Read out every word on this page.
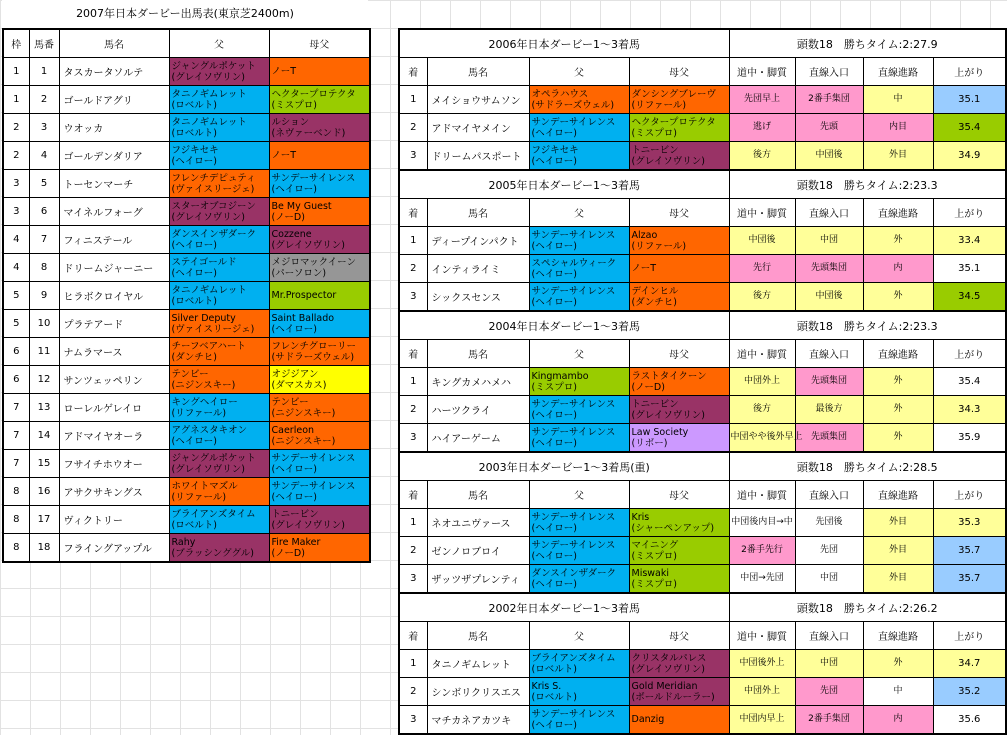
2007年日本ダービー出馬表(東京芝2400m)
枠	馬番	馬名	父	母父
1	1	タスカータソルテ	ジャングルポケット
(グレイソヴリン)	ノーT

1	2	ゴールドアグリ	タニノギムレット
(ロベルト)	ヘクタープロテクタ
(ミスプロ)

2	3	ウオッカ	タニノギムレット
(ロベルト)	ルション
(ネヴァーベンド)

2	4	ゴールデンダリア	フジキセキ
(ヘイロー)	ノーT

3	5	トーセンマーチ	フレンチデピュティ
(ヴァイスリージェ)	サンデーサイレンス
(ヘイロー)

3	6	マイネルフォーグ	スターオブコジーン
(グレイソヴリン)	Be My Guest
(ノーD)

4	7	フィニステール	ダンスインザダーク
(ヘイロー)	Cozzene
(グレイソヴリン)

4	8	ドリームジャーニー	ステイゴールド
(ヘイロー)	メジロマックイーン
(パーソロン)

5	9	ヒラボクロイヤル	タニノギムレット
(ロベルト)	Mr.Prospector

5	10	プラテアード	Silver Deputy
(ヴァイスリージェ)	Saint Ballado
(ヘイロー)

6	11	ナムラマース	チーフベアハート
(ダンチヒ)	フレンチグローリー
(サドラーズウェル)

6	12	サンツェッペリン	テンビー
(ニジンスキー)	オジジアン
(ダマスカス)

7	13	ローレルゲレイロ	キングヘイロー
(リファール)	テンビー
(ニジンスキー)

7	14	アドマイヤオーラ	アグネスタキオン
(ヘイロー)	Caerleon
(ニジンスキー)

7	15	フサイチホウオー	ジャングルポケット
(グレイソヴリン)	サンデーサイレンス
(ヘイロー)

8	16	アサクサキングス	ホワイトマズル
(リファール)	サンデーサイレンス
(ヘイロー)

8	17	ヴィクトリー	ブライアンズタイム
(ロベルト)	トニービン
(グレイソヴリン)

8	18	フライングアップル	Rahy
(ブラッシンググル)	Fire Maker
(ノーD)
2006年日本ダービー1〜3着馬				頭数18　勝ちタイム:2:27.9			
着	馬名	父	母父	道中・脚質	直線入口	直線進路	上がり
1	メイショウサムソン	オペラハウス
(サドラーズウェル)	ダンシングブレーヴ
(リファール)	先団早上	2番手集団	中	35.1
2	アドマイヤメイン	サンデーサイレンス
(ヘイロー)	ヘクタープロテクタ
(ミスプロ)	逃げ	先頭	内目	35.4
3	ドリームパスポート	フジキセキ
(ヘイロー)	トニービン
(グレイソヴリン)	後方	中団後	外目	34.9
2005年日本ダービー1〜3着馬				頭数18　勝ちタイム:2:23.3			
着	馬名	父	母父	道中・脚質	直線入口	直線進路	上がり
1	ディープインパクト	サンデーサイレンス
(ヘイロー)	Alzao
(リファール)	中団後	中団	外	33.4
2	インティライミ	スペシャルウィーク
(ヘイロー)	ノーT	先行	先頭集団	内	35.1
3	シックスセンス	サンデーサイレンス
(ヘイロー)	デインヒル
(ダンチヒ)	後方	中団後	外	34.5
2004年日本ダービー1〜3着馬				頭数18　勝ちタイム:2:23.3			
着	馬名	父	母父	道中・脚質	直線入口	直線進路	上がり
1	キングカメハメハ	Kingmambo
(ミスプロ)	ラストタイクーン
(ノーD)	中団外上	先頭集団	外	35.4
2	ハーツクライ	サンデーサイレンス
(ヘイロー)	トニービン
(グレイソヴリン)	後方	最後方	外	34.3
3	ハイアーゲーム	サンデーサイレンス
(ヘイロー)	Law Society
(リボー)	中団やや後外早上	先頭集団	外	35.9
2003年日本ダービー1〜3着馬(重)				頭数18　勝ちタイム:2:28.5			
着	馬名	父	母父	道中・脚質	直線入口	直線進路	上がり
1	ネオユニヴァース	サンデーサイレンス
(ヘイロー)	Kris
(シャーペンアップ)	中団後内目→中	先団後	外目	35.3
2	ゼンノロブロイ	サンデーサイレンス
(ヘイロー)	マイニング
(ミスプロ)	2番手先行	先団	外目	35.7
3	ザッツザプレンティ	ダンスインザダーク
(ヘイロー)	Miswaki
(ミスプロ)	中団→先団	中団	外目	35.7
2002年日本ダービー1〜3着馬				頭数18　勝ちタイム:2:26.2			
着	馬名	父	母父	道中・脚質	直線入口	直線進路	上がり
1	タニノギムレット	ブライアンズタイム
(ロベルト)	クリスタルパレス
(グレイソヴリン)	中団後外上	中団	外	34.7
2	シンボリクリスエス	Kris S.
(ロベルト)	Gold Meridian
(ボールドルーラー)	中団外上	先団	中	35.2
3	マチカネアカツキ	サンデーサイレンス
(ヘイロー)	Danzig	中団内早上	2番手集団	内	35.6
